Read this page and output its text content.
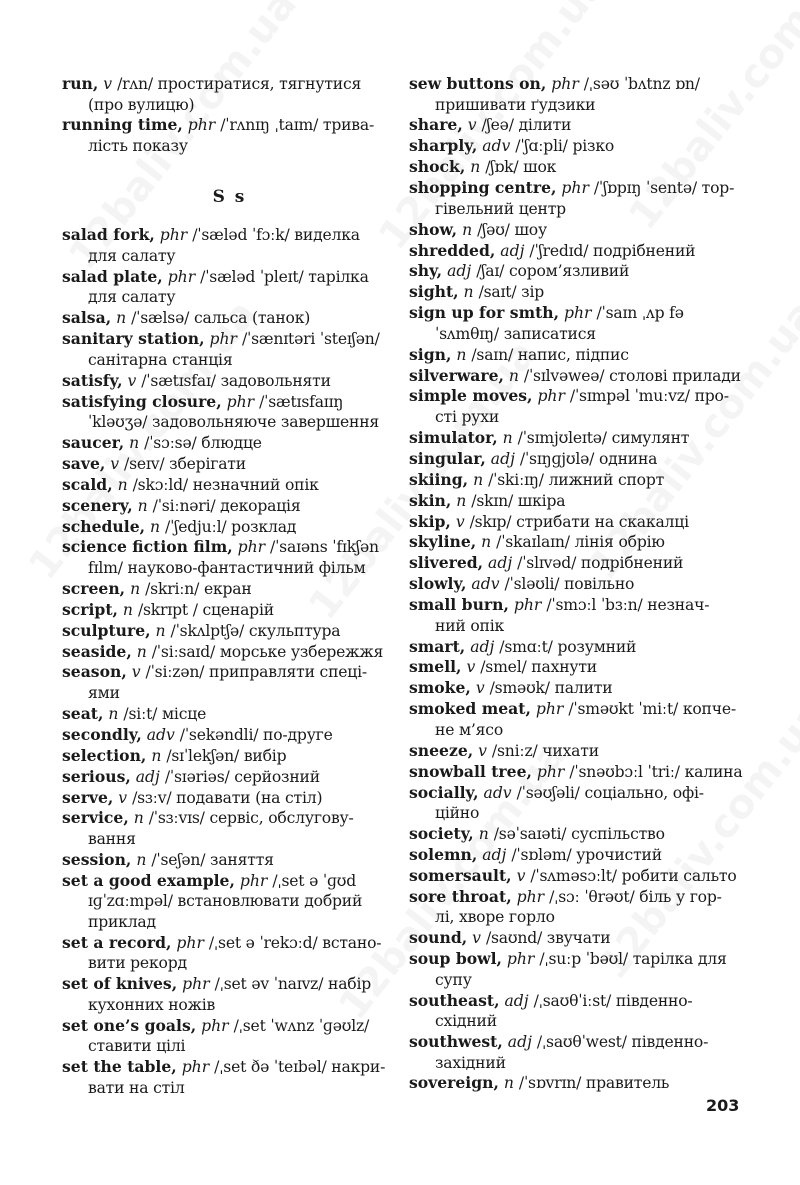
run, v /rʌn/ простиратися, тягнутися
(про вулицю)
running time, phr /ˈrʌnɪŋ ˌtaɪm/ трива-
лість показу
S s
salad fork, phr /ˈsæləd ˈfɔːk/ виделка
для салату
salad plate, phr /ˈsæləd ˈpleɪt/ тарілка
для салату
salsa, n /ˈsælsə/ сальса (танок)
sanitary station, phr /ˈsænɪtəri ˈsteɪʃən/
санітарна станція
satisfy, v /ˈsætɪsfaɪ/ задовольняти
satisfying closure, phr /ˈsætɪsfaɪɪŋ
ˈkləʊʒə/ задовольняюче завершення
saucer, n /ˈsɔːsə/ блюдце
save, v /seɪv/ зберігати
scald, n /skɔːld/ незначний опік
scenery, n /ˈsiːnəri/ декорація
schedule, n /ˈʃedjuːl/ розклад
science fiction film, phr /ˈsaɪəns ˈfɪkʃən
fɪlm/ науково-фантастичний фільм
screen, n /skriːn/ екран
script, n /skrɪpt / сценарій
sculpture, n /ˈskʌlptʃə/ скульптура
seaside, n /ˈsiːsaɪd/ морське узбережжя
season, v /ˈsiːzən/ приправляти спеці-
ями
seat, n /siːt/ місце
secondly, adv /ˈsekəndli/ по-друге
selection, n /sɪˈlekʃən/ вибір
serious, adj /ˈsɪəriəs/ серйозний
serve, v /sɜːv/ подавати (на стіл)
service, n /ˈsɜːvɪs/ сервіс, обслугову-
вання
session, n /ˈseʃən/ заняття
set a good example, phr /ˌset ə ˈɡʊd
ɪɡˈzɑːmpəl/ встановлювати добрий
приклад
set a record, phr /ˌset ə ˈrekɔːd/ встано-
вити рекорд
set of knives, phr /ˌset əv ˈnaɪvz/ набір
кухонних ножів
set one’s goals, phr /ˌset ˈwʌnz ˈɡəʊlz/
ставити цілі
set the table, phr /ˌset ðə ˈteɪbəl/ накри-
вати на стіл
sew buttons on, phr /ˌsəʊ ˈbʌtnz ɒn/
пришивати ґудзики
share, v /ʃeə/ ділити
sharply, adv /ˈʃɑːpli/ різко
shock, n /ʃɒk/ шок
shopping centre, phr /ˈʃɒpɪŋ ˈsentə/ тор-
гівельний центр
show, n /ʃəʊ/ шоу
shredded, adj /ˈʃredɪd/ подрібнений
shy, adj /ʃaɪ/ сором’язливий
sight, n /saɪt/ зір
sign up for smth, phr /ˈsaɪn ˌʌp fə
ˈsʌmθɪŋ/ записатися
sign, n /saɪn/ напис, підпис
silverware, n /ˈsɪlvəweə/ столові прилади
simple moves, phr /ˈsɪmpəl ˈmuːvz/ про-
сті рухи
simulator, n /ˈsɪmjʊleɪtə/ симулянт
singular, adj /ˈsɪŋɡjʊlə/ однина
skiing, n /ˈskiːɪŋ/ лижний спорт
skin, n /skɪn/ шкіра
skip, v /skɪp/ стрибати на скакалці
skyline, n /ˈskaɪlaɪn/ лінія обрію
slivered, adj /ˈslɪvəd/ подрібнений
slowly, adv /ˈsləʊli/ повільно
small burn, phr /ˈsmɔːl ˈbɜːn/ незнач-
ний опік
smart, adj /smɑːt/ розумний
smell, v /smel/ пахнути
smoke, v /sməʊk/ палити
smoked meat, phr /ˈsməʊkt ˈmiːt/ копче-
не м’ясо
sneeze, v /sniːz/ чихати
snowball tree, phr /ˈsnəʊbɔːl ˈtriː/ калина
socially, adv /ˈsəʊʃəli/ соціально, офі-
ційно
society, n /səˈsaɪəti/ суспільство
solemn, adj /ˈsɒləm/ урочистий
somersault, v /ˈsʌməsɔːlt/ робити сальто
sore throat, phr /ˌsɔː ˈθrəʊt/ біль у гор-
лі, хворе горло
sound, v /saʊnd/ звучати
soup bowl, phr /ˌsuːp ˈbəʊl/ тарілка для
супу
southeast, adj /ˌsaʊθˈiːst/ південно-
східний
southwest, adj /ˌsaʊθˈwest/ південно-
західний
sovereign, n /ˈsɒvrɪn/ правитель
203
